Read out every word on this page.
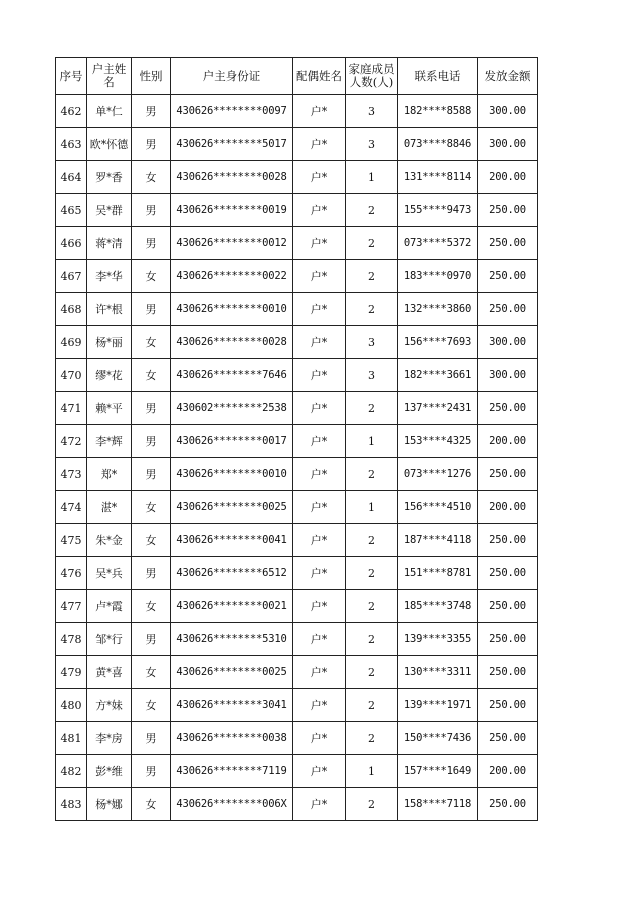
序号	户主姓名	性别	户主身份证	配偶姓名	家庭成员人数(人)	联系电话	发放金额
462	单*仁	男	430626********0097	户*	3	182****8588	300.00
463	欧*怀德	男	430626********5017	户*	3	073****8846	300.00
464	罗*香	女	430626********0028	户*	1	131****8114	200.00
465	吴*群	男	430626********0019	户*	2	155****9473	250.00
466	蒋*清	男	430626********0012	户*	2	073****5372	250.00
467	李*华	女	430626********0022	户*	2	183****0970	250.00
468	许*根	男	430626********0010	户*	2	132****3860	250.00
469	杨*丽	女	430626********0028	户*	3	156****7693	300.00
470	缪*花	女	430626********7646	户*	3	182****3661	300.00
471	赖*平	男	430602********2538	户*	2	137****2431	250.00
472	李*辉	男	430626********0017	户*	1	153****4325	200.00
473	郑*	男	430626********0010	户*	2	073****1276	250.00
474	湛*	女	430626********0025	户*	1	156****4510	200.00
475	朱*金	女	430626********0041	户*	2	187****4118	250.00
476	吴*兵	男	430626********6512	户*	2	151****8781	250.00
477	卢*霞	女	430626********0021	户*	2	185****3748	250.00
478	邹*行	男	430626********5310	户*	2	139****3355	250.00
479	黄*喜	女	430626********0025	户*	2	130****3311	250.00
480	方*妹	女	430626********3041	户*	2	139****1971	250.00
481	李*房	男	430626********0038	户*	2	150****7436	250.00
482	彭*维	男	430626********7119	户*	1	157****1649	200.00
483	杨*娜	女	430626********006X	户*	2	158****7118	250.00
